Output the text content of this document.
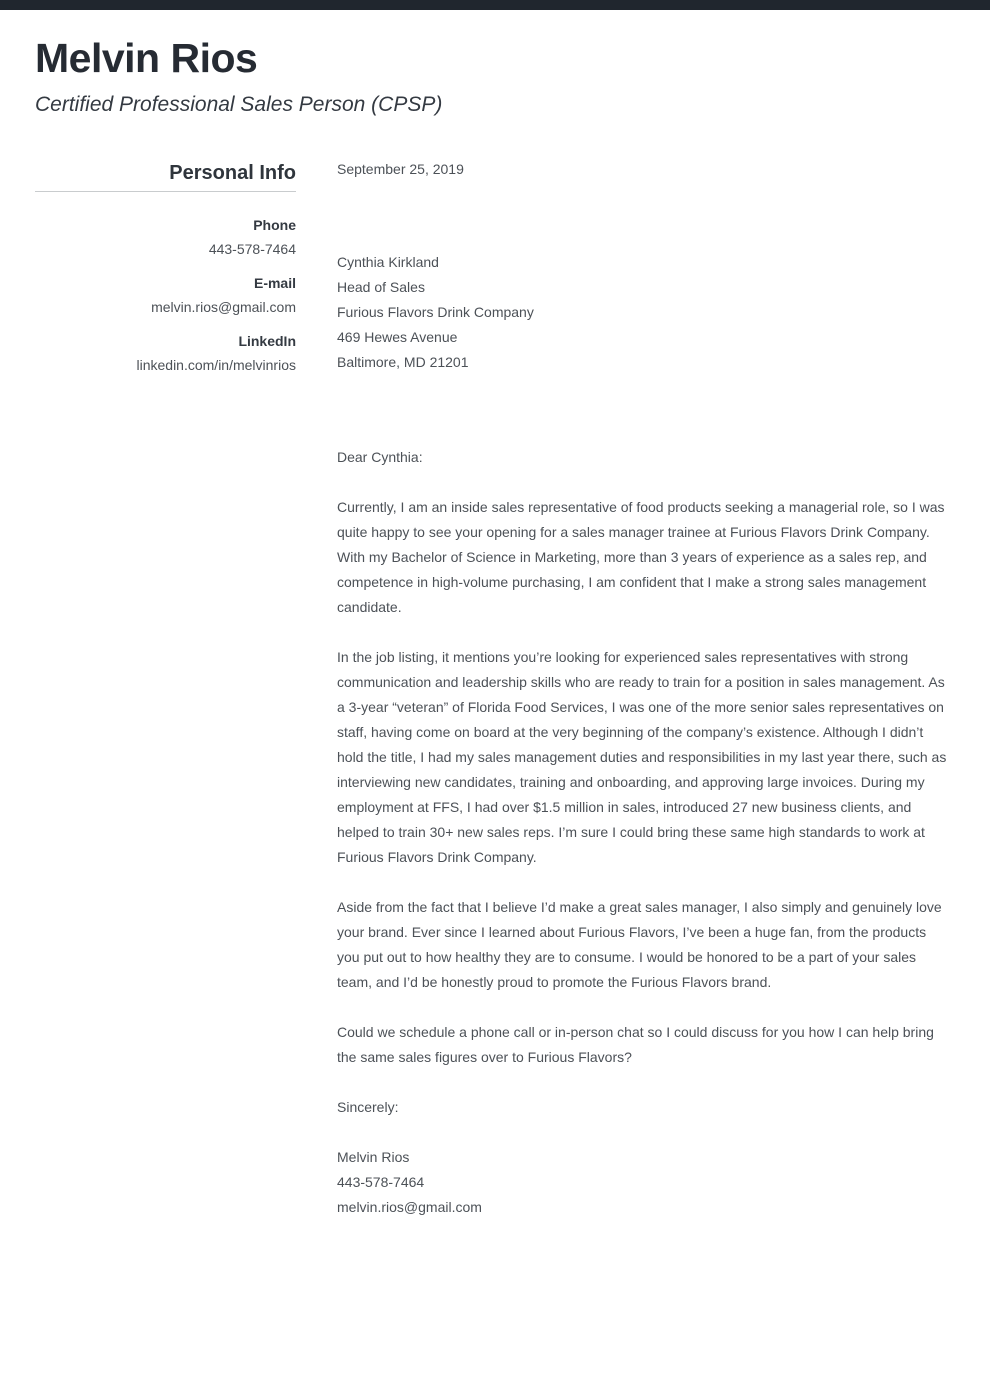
Melvin Rios
Certified Professional Sales Person (CPSP)
Personal Info
Phone
443-578-7464
E-mail
melvin.rios@gmail.com
LinkedIn
linkedin.com/in/melvinrios
September 25, 2019
Cynthia Kirkland
Head of Sales
Furious Flavors Drink Company
469 Hewes Avenue
Baltimore, MD 21201
Dear Cynthia:
Currently, I am an inside sales representative of food products seeking a managerial role, so I was quite happy to see your opening for a sales manager trainee at Furious Flavors Drink Company. With my Bachelor of Science in Marketing, more than 3 years of experience as a sales rep, and competence in high-volume purchasing, I am confident that I make a strong sales management candidate.
In the job listing, it mentions you’re looking for experienced sales representatives with strong communication and leadership skills who are ready to train for a position in sales management. As a 3-year “veteran” of Florida Food Services, I was one of the more senior sales representatives on staff, having come on board at the very beginning of the company’s existence. Although I didn’t hold the title, I had my sales management duties and responsibilities in my last year there, such as interviewing new candidates, training and onboarding, and approving large invoices. During my employment at FFS, I had over $1.5 million in sales, introduced 27 new business clients, and helped to train 30+ new sales reps. I’m sure I could bring these same high standards to work at Furious Flavors Drink Company.
Aside from the fact that I believe I’d make a great sales manager, I also simply and genuinely love your brand. Ever since I learned about Furious Flavors, I’ve been a huge fan, from the products you put out to how healthy they are to consume. I would be honored to be a part of your sales team, and I’d be honestly proud to promote the Furious Flavors brand.
Could we schedule a phone call or in-person chat so I could discuss for you how I can help bring the same sales figures over to Furious Flavors?
Sincerely:
Melvin Rios
443-578-7464
melvin.rios@gmail.com
